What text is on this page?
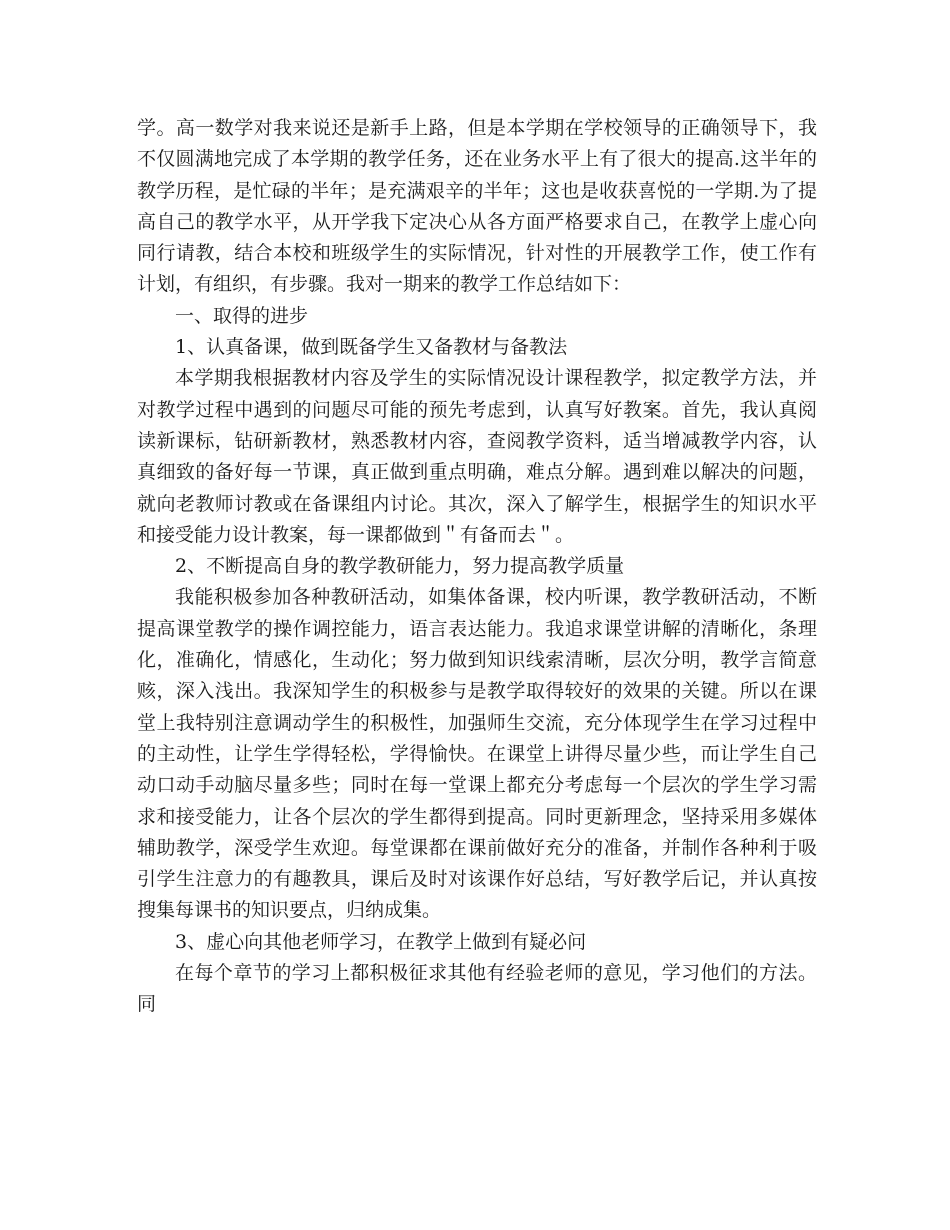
学。高一数学对我来说还是新手上路，但是本学期在学校领导的正确领导下，我不仅圆满地完成了本学期的教学任务，还在业务水平上有了很大的提高.这半年的教学历程，是忙碌的半年；是充满艰辛的半年；这也是收获喜悦的一学期.为了提高自己的教学水平，从开学我下定决心从各方面严格要求自己，在教学上虚心向同行请教，结合本校和班级学生的实际情况，针对性的开展教学工作，使工作有计划，有组织，有步骤。我对一期来的教学工作总结如下：

一、取得的进步

1、认真备课，做到既备学生又备教材与备教法

本学期我根据教材内容及学生的实际情况设计课程教学，拟定教学方法，并对教学过程中遇到的问题尽可能的预先考虑到，认真写好教案。首先，我认真阅读新课标，钻研新教材，熟悉教材内容，查阅教学资料，适当增减教学内容，认真细致的备好每一节课，真正做到重点明确，难点分解。遇到难以解决的问题，就向老教师讨教或在备课组内讨论。其次，深入了解学生，根据学生的知识水平和接受能力设计教案，每一课都做到＂有备而去＂。

2、不断提高自身的教学教研能力，努力提高教学质量

我能积极参加各种教研活动，如集体备课，校内听课，教学教研活动，不断提高课堂教学的操作调控能力，语言表达能力。我追求课堂讲解的清晰化，条理化，准确化，情感化，生动化；努力做到知识线索清晰，层次分明，教学言简意赅，深入浅出。我深知学生的积极参与是教学取得较好的效果的关键。所以在课堂上我特别注意调动学生的积极性，加强师生交流，充分体现学生在学习过程中的主动性，让学生学得轻松，学得愉快。在课堂上讲得尽量少些，而让学生自己动口动手动脑尽量多些；同时在每一堂课上都充分考虑每一个层次的学生学习需求和接受能力，让各个层次的学生都得到提高。同时更新理念，坚持采用多媒体辅助教学，深受学生欢迎。每堂课都在课前做好充分的准备，并制作各种利于吸引学生注意力的有趣教具，课后及时对该课作好总结，写好教学后记，并认真按搜集每课书的知识要点，归纳成集。

3、虚心向其他老师学习，在教学上做到有疑必问

在每个章节的学习上都积极征求其他有经验老师的意见，学习他们的方法。同
